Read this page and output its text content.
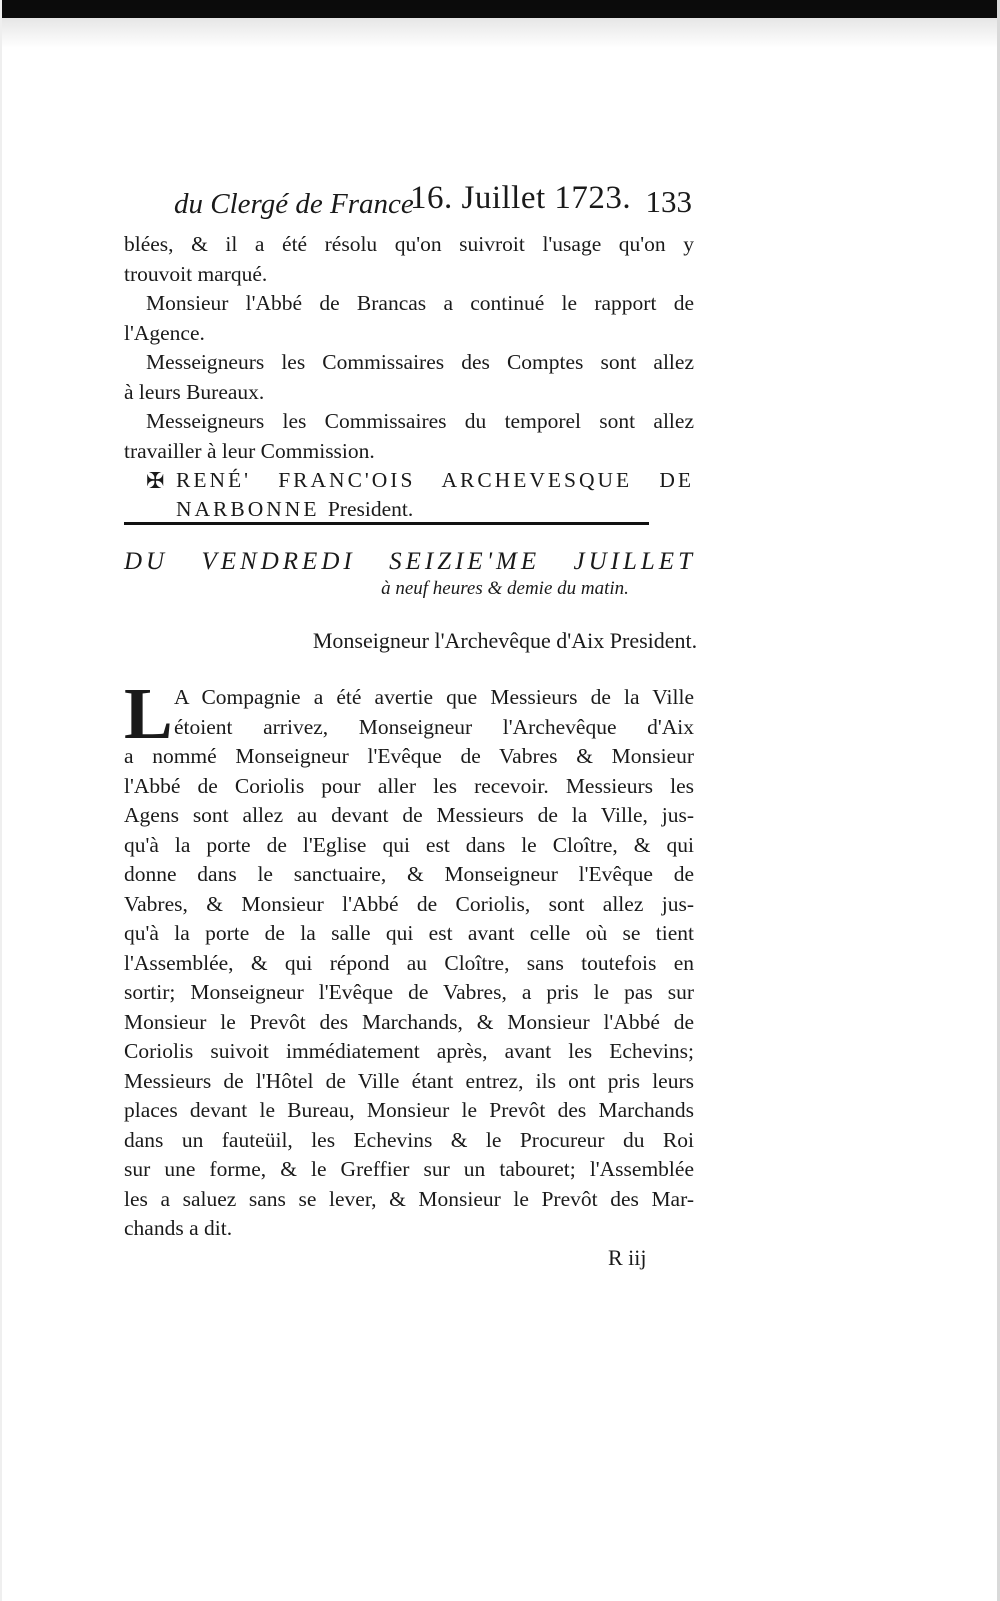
du Clergé de France
16. Juillet 1723. 133
blées, & il a été résolu qu'on suivroit l'usage qu'on y
trouvoit marqué.
Monsieur l'Abbé de Brancas a continué le rapport de
l'Agence.
Messeigneurs les Commissaires des Comptes sont allez
à leurs Bureaux.
Messeigneurs les Commissaires du temporel sont allez
travailler à leur Commission.
✠ RENÉ' FRANC'OIS ARCHEVESQUE DE
NARBONNE President.
DU VENDREDI SEIZIE'ME JUILLET
à neuf heures & demie du matin.
Monseigneur l'Archevêque d'Aix President.
L A Compagnie a été avertie que Messieurs de la Ville
étoient arrivez, Monseigneur l'Archevêque d'Aix
a nommé Monseigneur l'Evêque de Vabres & Monsieur
l'Abbé de Coriolis pour aller les recevoir. Messieurs les
Agens sont allez au devant de Messieurs de la Ville, jus-
qu'à la porte de l'Eglise qui est dans le Cloître, & qui
donne dans le sanctuaire, & Monseigneur l'Evêque de
Vabres, & Monsieur l'Abbé de Coriolis, sont allez jus-
qu'à la porte de la salle qui est avant celle où se tient
l'Assemblée, & qui répond au Cloître, sans toutefois en
sortir; Monseigneur l'Evêque de Vabres, a pris le pas sur
Monsieur le Prevôt des Marchands, & Monsieur l'Abbé de
Coriolis suivoit immédiatement après, avant les Echevins;
Messieurs de l'Hôtel de Ville étant entrez, ils ont pris leurs
places devant le Bureau, Monsieur le Prevôt des Marchands
dans un fauteüil, les Echevins & le Procureur du Roi
sur une forme, & le Greffier sur un tabouret; l'Assemblée
les a saluez sans se lever, & Monsieur le Prevôt des Mar-
chands a dit.
R iij
